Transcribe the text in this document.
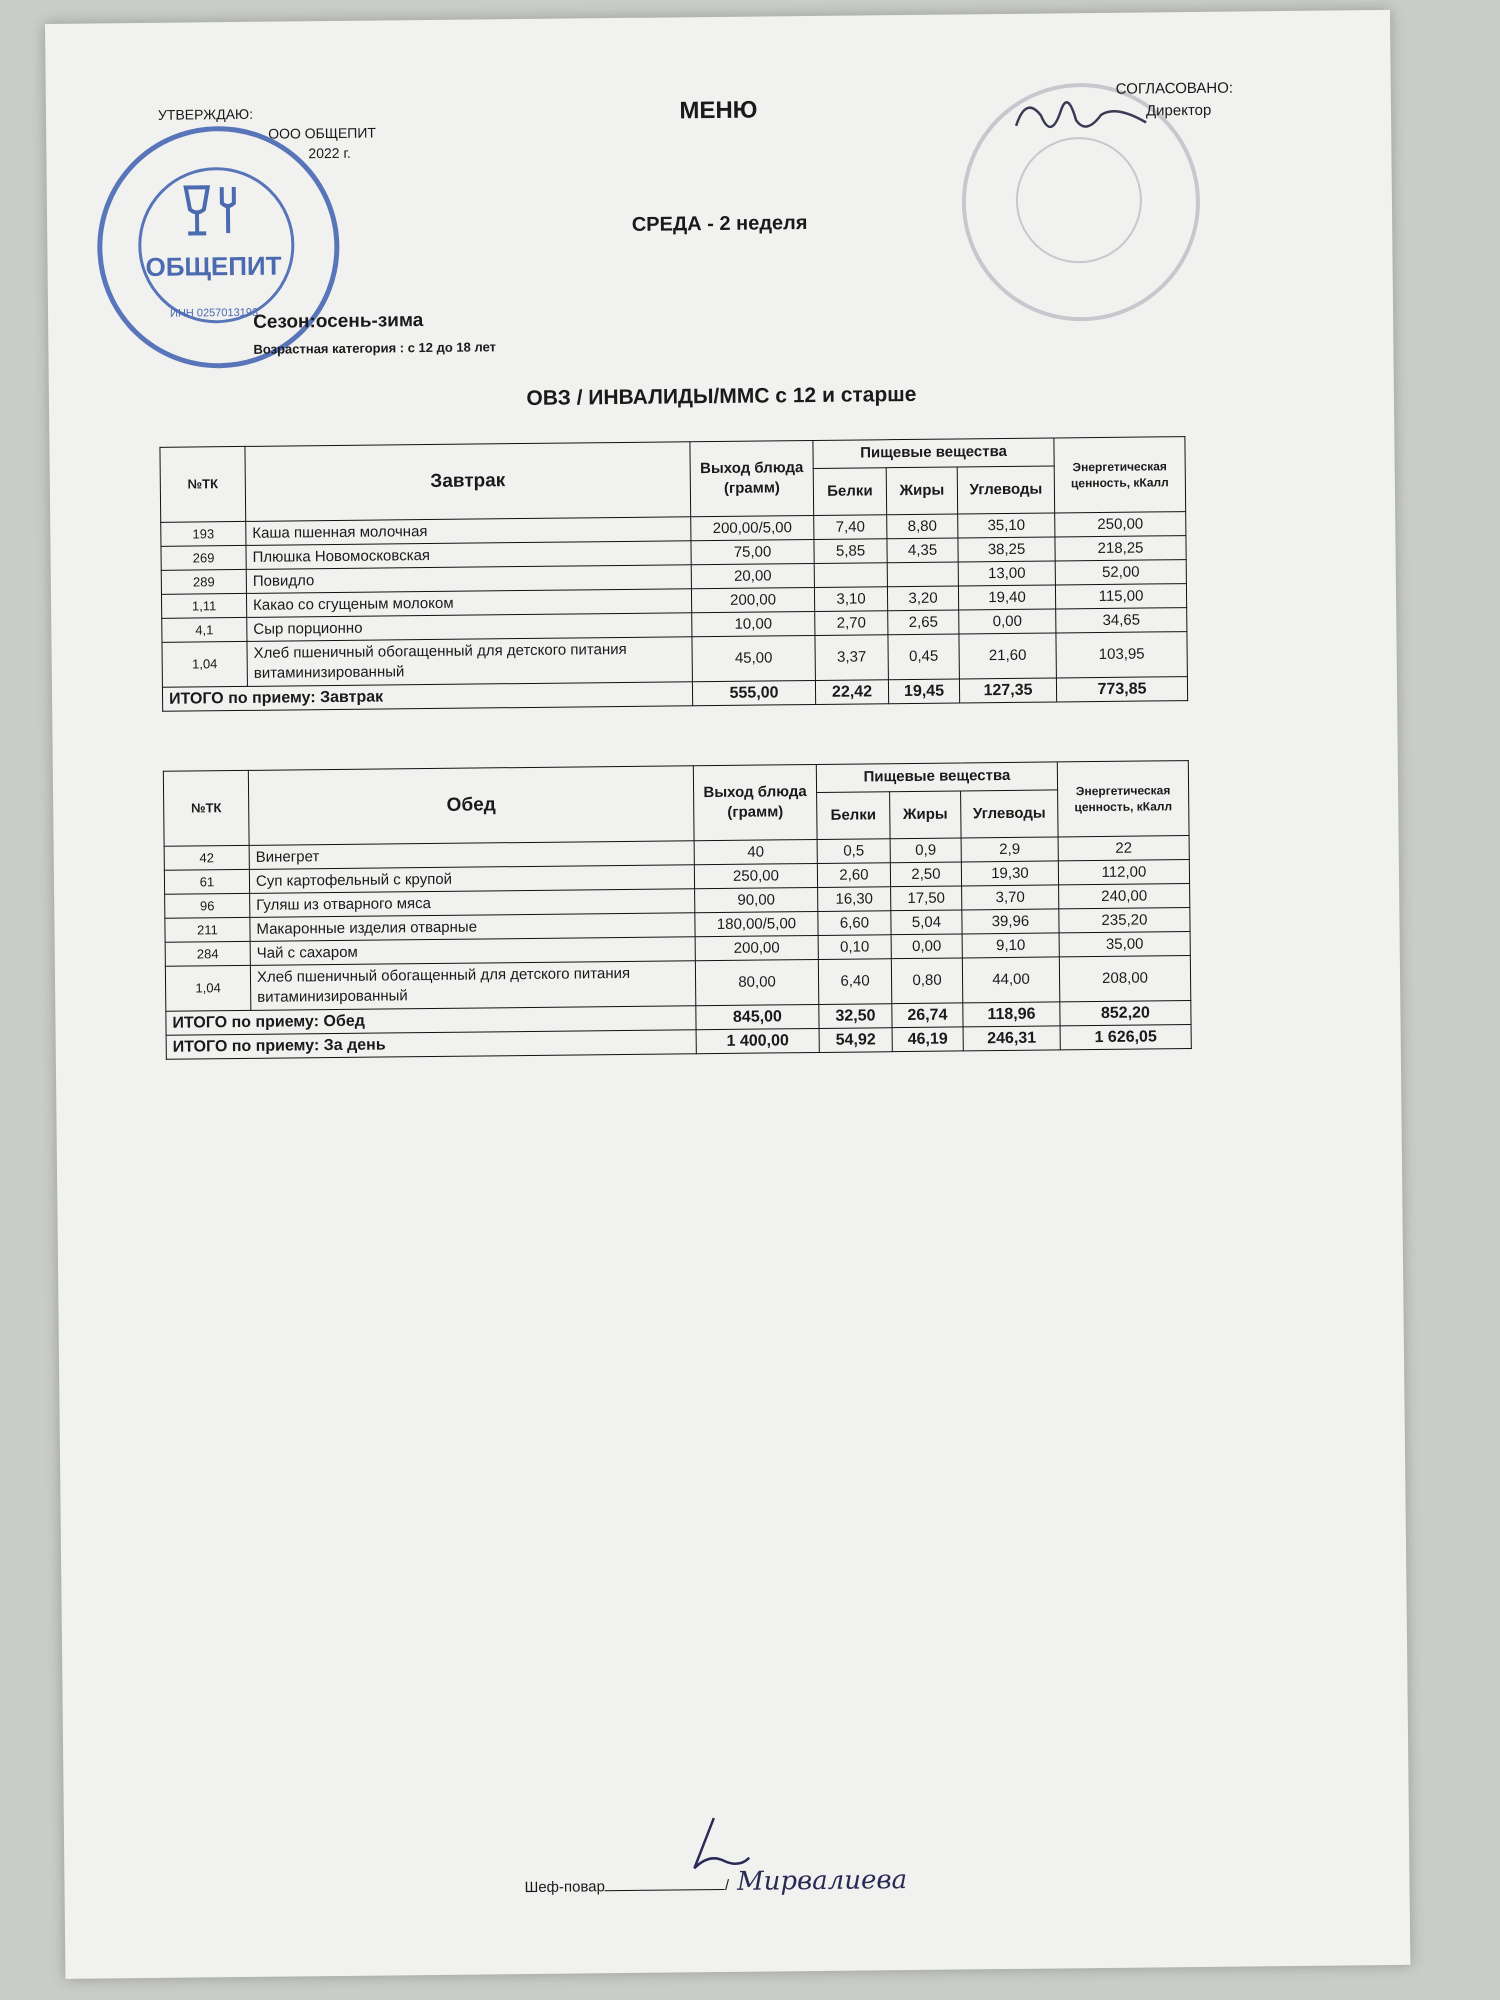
ОБЩЕПИТ
ИНН 0257013193
УТВЕРЖДАЮ:
ООО ОБЩЕПИТ
2022 г.
МЕНЮ
СОГЛАСОВАНО:
Директор
СРЕДА - 2 неделя
Сезон:осень-зима
Возрастная категория : с 12 до 18 лет
ОВЗ / ИНВАЛИДЫ/ММС с 12 и старше
№ТК	Завтрак	Выход блюда (грамм)	Пищевые вещества			Энергетическая ценность, кКалл
			Белки	Жиры	Углеводы	
193	Каша пшенная молочная	200,00/5,00	7,40	8,80	35,10	250,00
269	Плюшка Новомосковская	75,00	5,85	4,35	38,25	218,25
289	Повидло	20,00			13,00	52,00
1,11	Какао со сгущеным молоком	200,00	3,10	3,20	19,40	115,00
4,1	Сыр порционно	10,00	2,70	2,65	0,00	34,65
1,04	Хлеб пшеничный обогащенный для детского питания витаминизированный	45,00	3,37	0,45	21,60	103,95
ИТОГО по приему: Завтрак		555,00	22,42	19,45	127,35	773,85
№ТК	Обед	Выход блюда (грамм)	Пищевые вещества			Энергетическая ценность, кКалл
			Белки	Жиры	Углеводы	
42	Винегрет	40	0,5	0,9	2,9	22
61	Суп картофельный с крупой	250,00	2,60	2,50	19,30	112,00
96	Гуляш из отварного мяса	90,00	16,30	17,50	3,70	240,00
211	Макаронные изделия отварные	180,00/5,00	6,60	5,04	39,96	235,20
284	Чай с сахаром	200,00	0,10	0,00	9,10	35,00
1,04	Хлеб пшеничный обогащенный для детского питания витаминизированный	80,00	6,40	0,80	44,00	208,00
ИТОГО по приему: Обед		845,00	32,50	26,74	118,96	852,20
ИТОГО по приему: За день		1 400,00	54,92	46,19	246,31	1 626,05
Шеф-повар	/ Мирвалиева
